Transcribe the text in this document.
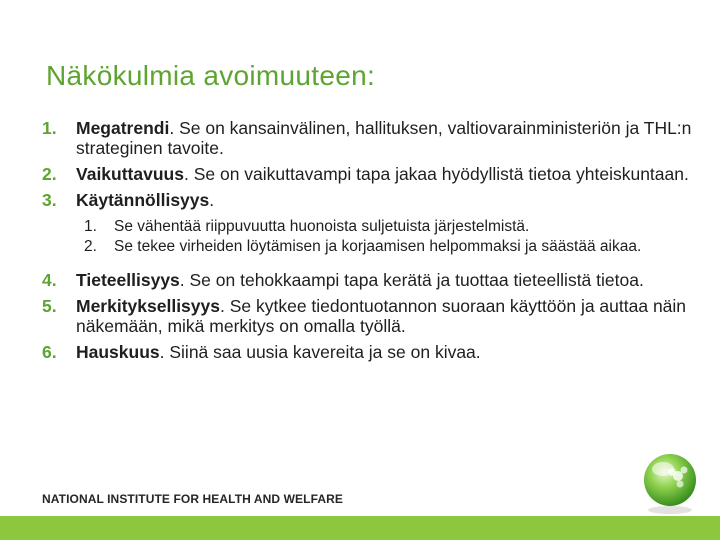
Näkökulmia avoimuuteen:
1.	Megatrendi. Se on kansainvälinen, hallituksen, valtiovarainministeriön ja THL:n strateginen tavoite.
2.	Vaikuttavuus. Se on vaikuttavampi tapa jakaa hyödyllistä tietoa yhteiskuntaan.
3.	Käytännöllisyys.
1. Se vähentää riippuvuutta huonoista suljetuista järjestelmistä.
2. Se tekee virheiden löytämisen ja korjaamisen helpommaksi ja säästää aikaa.
4.	Tieteellisyys. Se on tehokkaampi tapa kerätä ja tuottaa tieteellistä tietoa.
5.	Merkityksellisyys. Se kytkee tiedontuotannon suoraan käyttöön ja auttaa näin näkemään, mikä merkitys on omalla työllä.
6.	Hauskuus. Siinä saa uusia kavereita ja se on kivaa.
NATIONAL INSTITUTE FOR HEALTH AND WELFARE
